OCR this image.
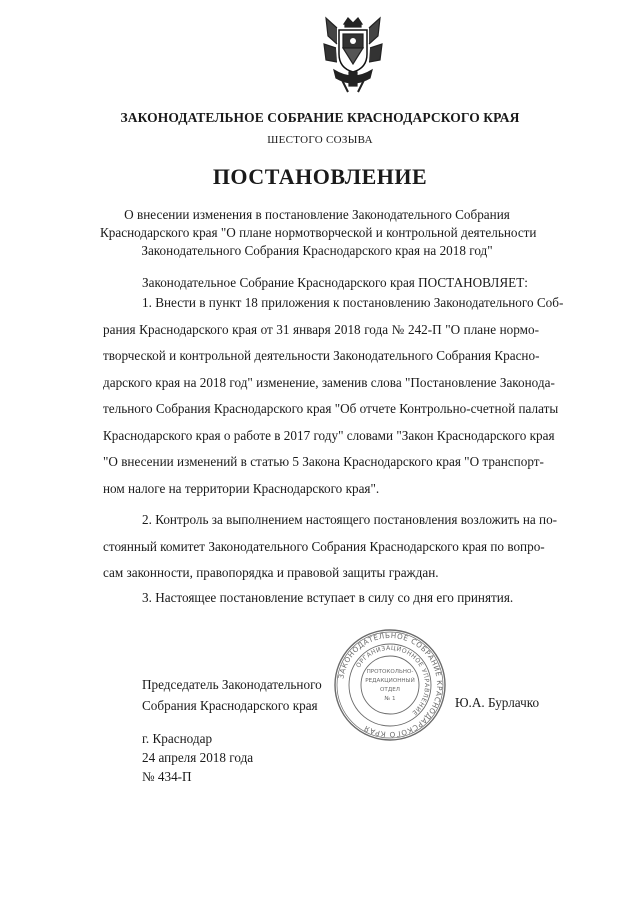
ЗАКОНОДАТЕЛЬНОЕ СОБРАНИЕ КРАСНОДАРСКОГО КРАЯ
ШЕСТОГО СОЗЫВА
ПОСТАНОВЛЕНИЕ
О внесении изменения в постановление Законодательного Собрания
Краснодарского края "О плане нормотворческой и контрольной деятельности
Законодательного Собрания Краснодарского края на 2018 год"
Законодательное Собрание Краснодарского края ПОСТАНОВЛЯЕТ:
1. Внести в пункт 18 приложения к постановлению Законодательного Соб-
рания Краснодарского края от 31 января 2018 года № 242-П "О плане нормо-
творческой и контрольной деятельности Законодательного Собрания Красно-
дарского края на 2018 год" изменение, заменив слова "Постановление Законода-
тельного Собрания Краснодарского края "Об отчете Контрольно-счетной палаты
Краснодарского края о работе в 2017 году" словами "Закон Краснодарского края
"О внесении изменений в статью 5 Закона Краснодарского края "О транспорт-
ном налоге на территории Краснодарского края".
2. Контроль за выполнением настоящего постановления возложить на по-
стоянный комитет Законодательного Собрания Краснодарского края по вопро-
сам законности, правопорядка и правовой защиты граждан.
3. Настоящее постановление вступает в силу со дня его принятия.
ЗАКОНОДАТЕЛЬНОЕ СОБРАНИЕ КРАСНОДАРСКОГО КРАЯ
ОРГАНИЗАЦИОННОЕ УПРАВЛЕНИЕ
ПРОТОКОЛЬНО-
РЕДАКЦИОННЫЙ
ОТДЕЛ
№ 1
Председатель Законодательного
Собрания Краснодарского края	Ю.А. Бурлачко
г. Краснодар
24 апреля 2018 года
№ 434-П
